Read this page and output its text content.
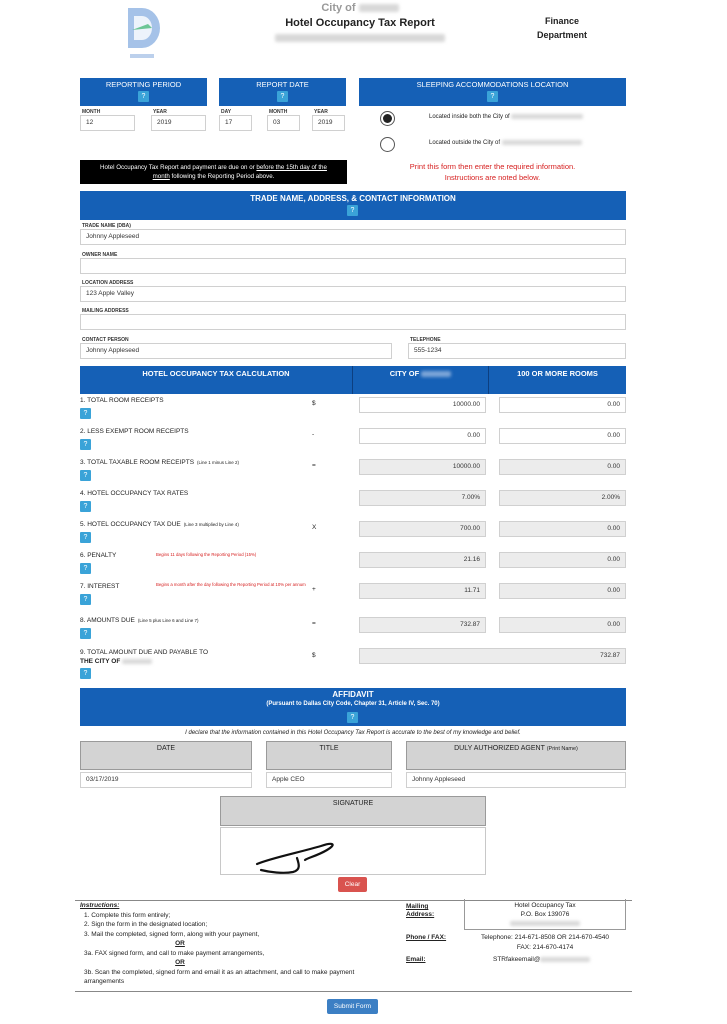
City of
Hotel Occupancy Tax Report	Finance Department
REPORTING PERIOD
?
MONTH	YEAR
12	2019
REPORT DATE
?
DAY	MONTH	YEAR
17	03	2019
SLEEPING ACCOMMODATIONS LOCATION
?
Located inside both the City of
Located outside the City of
Hotel Occupancy Tax Report and payment are due on or before the 15th day of the
month following the Reporting Period above.
Print this form then enter the required information.
Instructions are noted below.
TRADE NAME, ADDRESS, & CONTACT INFORMATION
?
TRADE NAME (DBA)
Johnny Appleseed
OWNER NAME
LOCATION ADDRESS
123 Apple Valley
MAILING ADDRESS
CONTACT PERSON
Johnny Appleseed
TELEPHONE
555-1234
HOTEL OCCUPANCY TAX CALCULATION	CITY OF	100 OR MORE ROOMS
1. TOTAL ROOM RECEIPTS
?
$	10000.00	0.00
2. LESS EXEMPT ROOM RECEIPTS
?
-	0.00	0.00
3. TOTAL TAXABLE ROOM RECEIPTS (Line 1 minus Line 2)
?
=	10000.00	0.00
4. HOTEL OCCUPANCY TAX RATES
?
7.00%	2.00%
5. HOTEL OCCUPANCY TAX DUE (Line 3 multiplied by Line 4)
?
X	700.00	0.00
6. PENALTY	Begins 11 days following the Reporting Period (15%)
?
21.16	0.00
7. INTEREST	Begins a month after the day following the Reporting Period at 10% per annum
?
+	11.71	0.00
8. AMOUNTS DUE (Line 5 plus Line 6 and Line 7)
?
=	732.87	0.00
9. TOTAL AMOUNT DUE AND PAYABLE TO
THE CITY OF
$
?
732.87
AFFIDAVIT
(Pursuant to Dallas City Code, Chapter 31, Article IV, Sec. 70)
?
I declare that the information contained in this Hotel Occupancy Tax Report is accurate to the best of my knowledge and belief.
DATE	TITLE	DULY AUTHORIZED AGENT (Print Name)
03/17/2019	Apple CEO	Johnny Appleseed
SIGNATURE
Clear
Instructions:
1. Complete this form entirely;
2. Sign the form in the designated location;
3. Mail the completed, signed form, along with your payment,
OR
3a. FAX signed form, and call to make payment arrangements,
OR
3b. Scan the completed, signed form and email it as an attachment, and call to make payment arrangements
Mailing Address:
Hotel Occupancy Tax
P.O. Box 139076
Phone / FAX:	Telephone: 214-671-8508 OR 214-670-4540
FAX: 214-670-4174
Email:	STRfakeemail@
Submit Form
